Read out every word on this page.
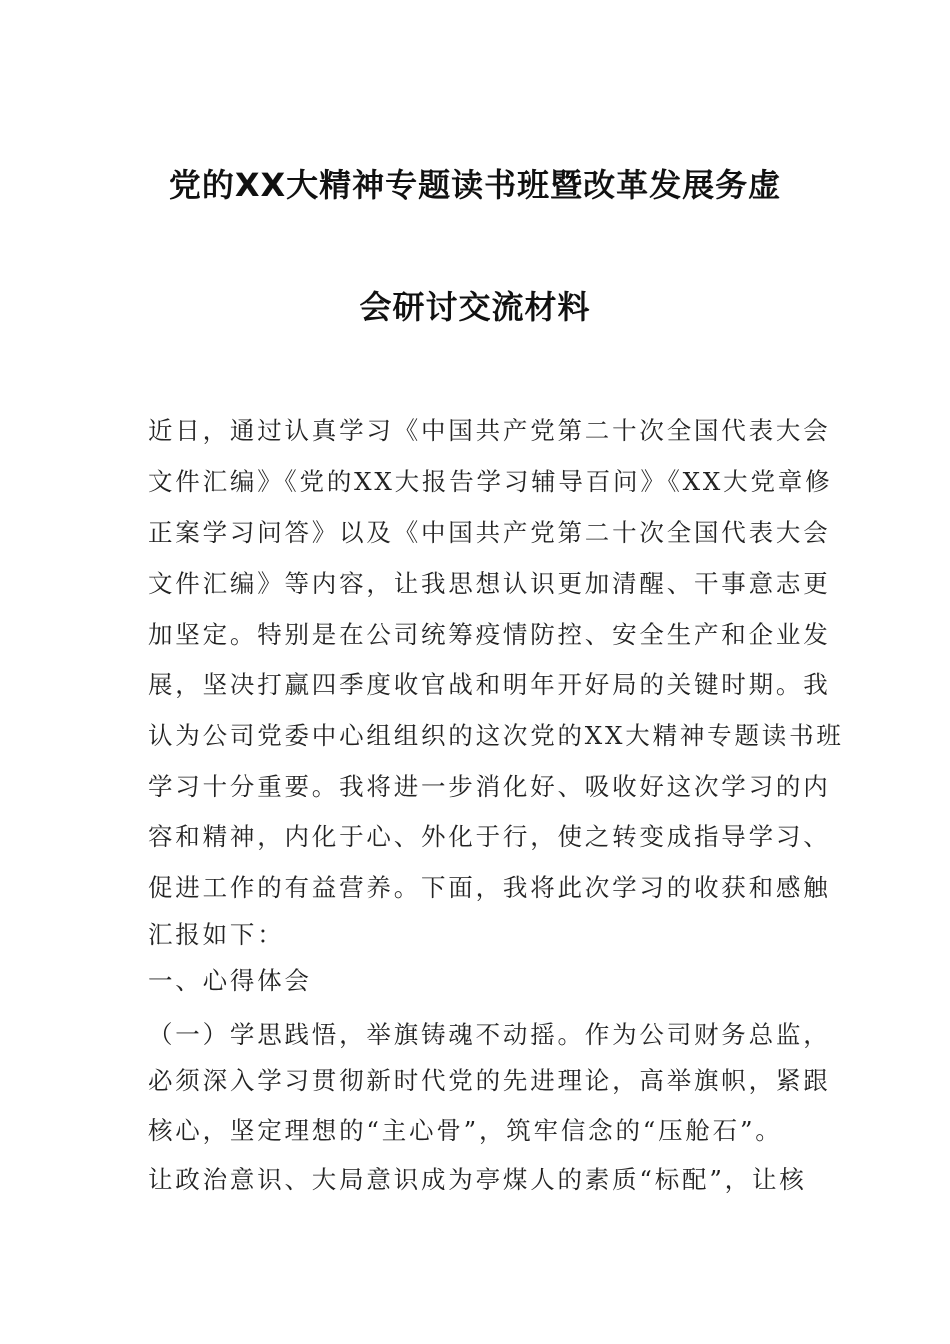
党的XX大精神专题读书班暨改革发展务虚
会研讨交流材料
近日，通过认真学习《中国共产党第二十次全国代表大会
文件汇编》《党的XX大报告学习辅导百问》《XX大党章修
正案学习问答》以及《中国共产党第二十次全国代表大会
文件汇编》等内容，让我思想认识更加清醒、干事意志更
加坚定。特别是在公司统筹疫情防控、安全生产和企业发
展，坚决打赢四季度收官战和明年开好局的关键时期。我
认为公司党委中心组组织的这次党的XX大精神专题读书班
学习十分重要。我将进一步消化好、吸收好这次学习的内
容和精神，内化于心、外化于行，使之转变成指导学习、
促进工作的有益营养。下面，我将此次学习的收获和感触
汇报如下：
一、心得体会
（一）学思践悟，举旗铸魂不动摇。作为公司财务总监，
必须深入学习贯彻新时代党的先进理论，高举旗帜，紧跟
核心，坚定理想的“主心骨”，筑牢信念的“压舱石”。
让政治意识、大局意识成为亭煤人的素质“标配”，让核
